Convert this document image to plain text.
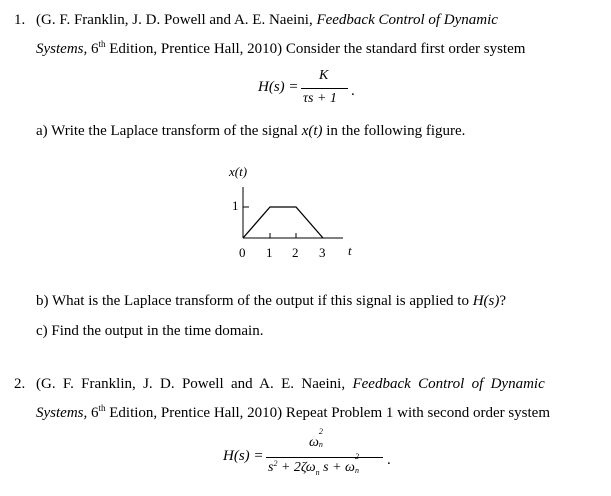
1. (G. F. Franklin, J. D. Powell and A. E. Naeini, Feedback Control of Dynamic
Systems, 6th Edition, Prentice Hall, 2010) Consider the standard first order system
H(s) =
K
τs + 1 .
a) Write the Laplace transform of the signal x(t) in the following figure.
x(t)
1
0 1 2 3 t
b) What is the Laplace transform of the output if this signal is applied to H(s)?
c) Find the output in the time domain.
2. (G. F. Franklin, J. D. Powell and A. E. Naeini, Feedback Control of Dynamic
Systems, 6th Edition, Prentice Hall, 2010) Repeat Problem 1 with second order system
H(s) =
ω
2
n
$s^2 + 2\zeta\omega_n$ s + ω n
.
